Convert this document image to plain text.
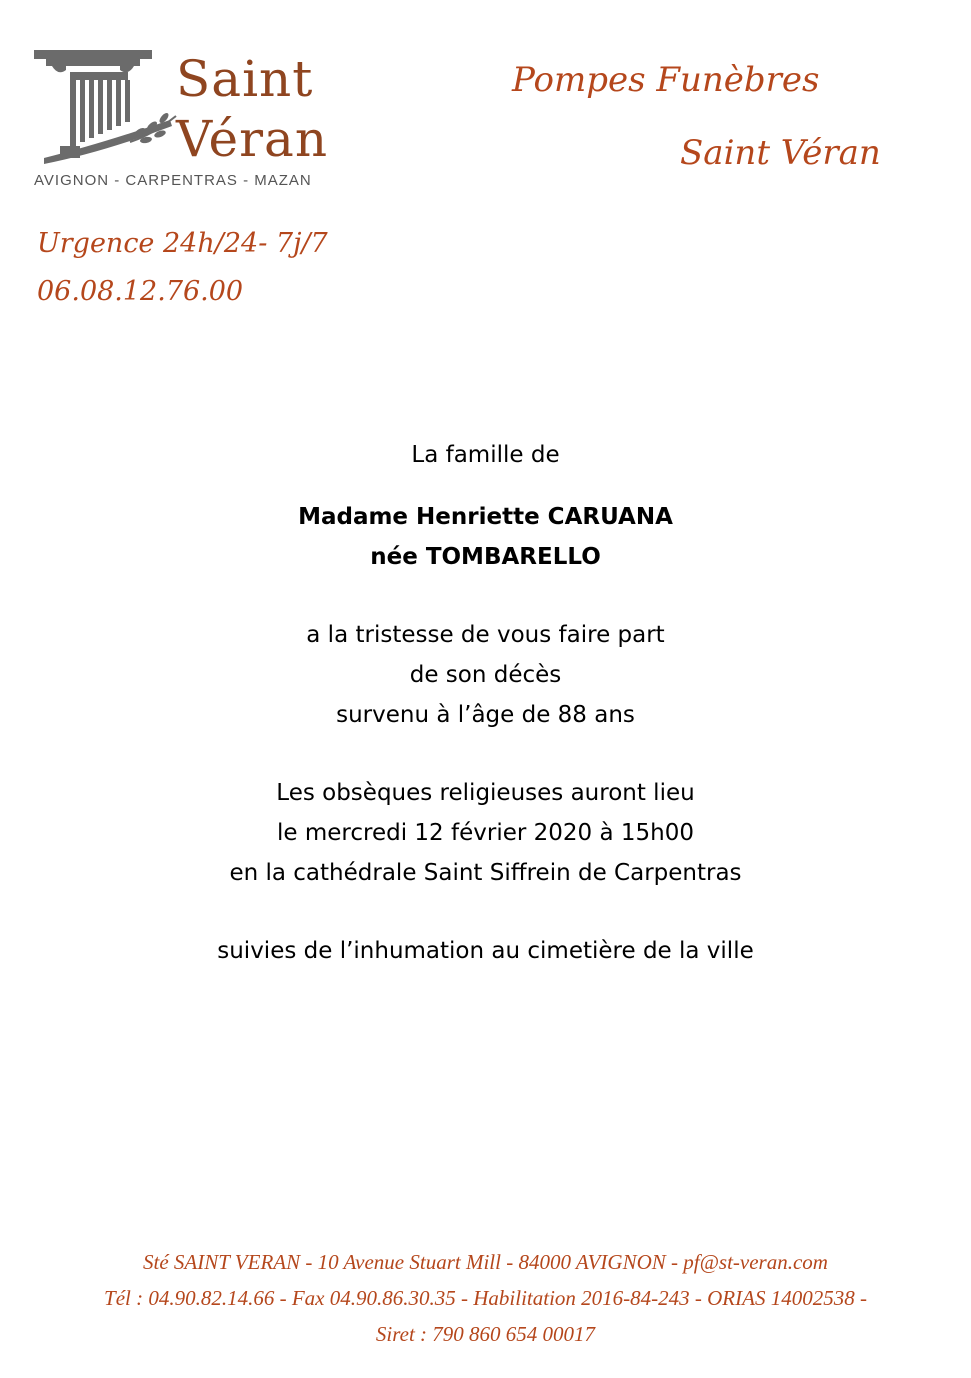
Saint
Véran
AVIGNON - CARPENTRAS - MAZAN
Pompes Funèbres
Saint Véran
Urgence 24h/24- 7j/7
06.08.12.76.00
La famille de
Madame Henriette CARUANA
née TOMBARELLO
a la tristesse de vous faire part
de son décès
survenu à l’âge de 88 ans
Les obsèques religieuses auront lieu
le mercredi 12 février 2020 à 15h00
en la cathédrale Saint Siffrein de Carpentras
suivies de l’inhumation au cimetière de la ville
Sté SAINT VERAN - 10 Avenue Stuart Mill - 84000 AVIGNON - pf@st-veran.com
Tél : 04.90.82.14.66 - Fax 04.90.86.30.35 - Habilitation 2016-84-243 - ORIAS 14002538 -
Siret : 790 860 654 00017
